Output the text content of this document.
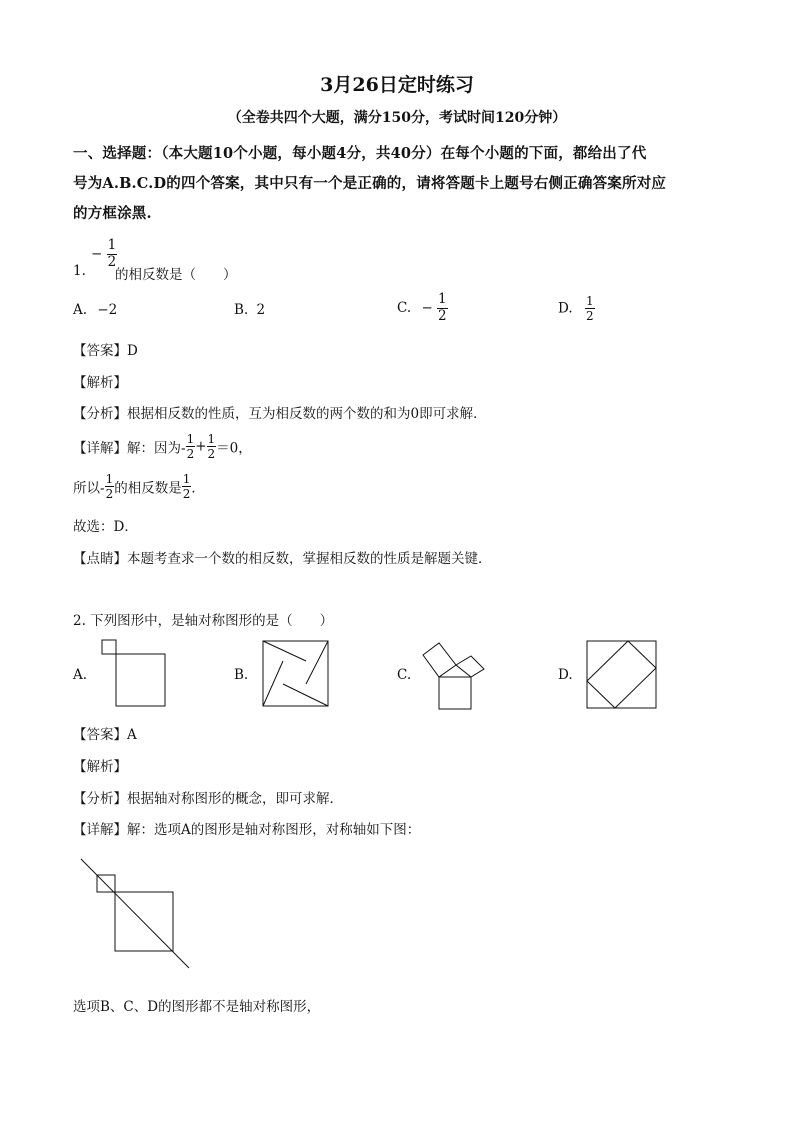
3月26日定时练习
（全卷共四个大题，满分150分，考试时间120分钟）
一、选择题：（本大题10个小题，每小题4分，共40分）在每个小题的下面，都给出了代
号为A.B.C.D的四个答案，其中只有一个是正确的，请将答题卡上题号右侧正确答案所对应
的方框涂黑.
1.
− $\frac{1}{2}$
的相反数是（　　）
A. −2	B. 2	C. − $\frac{1}{2}$	D. $\frac{1}{2}$
【答案】D
【解析】
【分析】根据相反数的性质，互为相反数的两个数的和为0即可求解．
【详解】解：因为- $\frac{1}{2} + \frac{1}{2} =0$，
所以- $\frac{1}{2}$ 的相反数是 $\frac{1}{2}$ ．
故选：D．
【点睛】本题考查求一个数的相反数，掌握相反数的性质是解题关键．
2. 下列图形中，是轴对称图形的是（　　）
A.	B.	C.	D.
【答案】A
【解析】
【分析】根据轴对称图形的概念，即可求解．
【详解】解：选项A的图形是轴对称图形，对称轴如下图：
选项B、C、D的图形都不是轴对称图形，
